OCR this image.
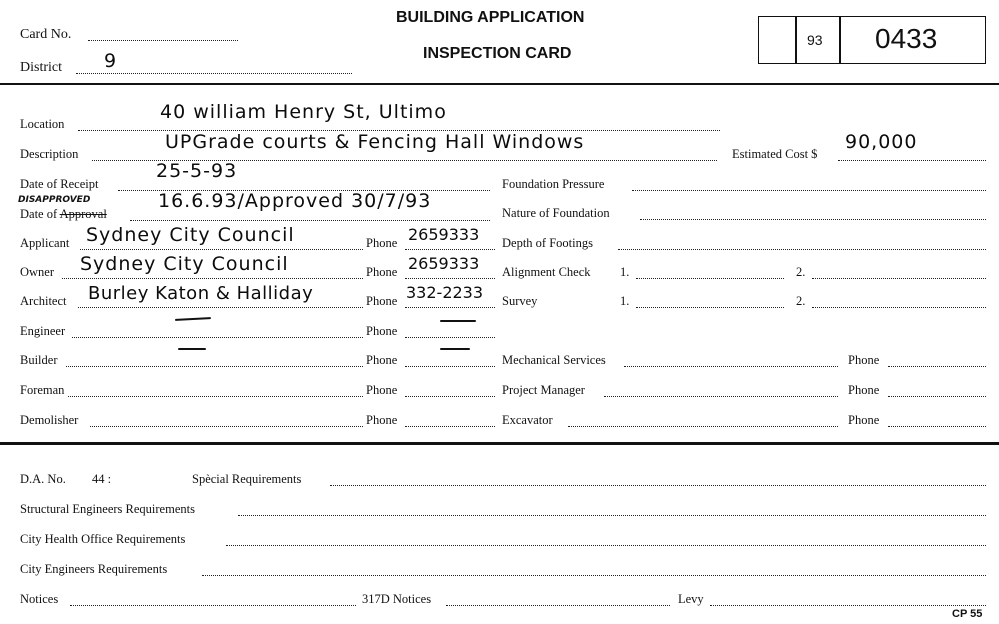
Card No.
District 9
BUILDING APPLICATION
INSPECTION CARD
93 0433
Location
40 william Henry St, Ultimo
Description
UPGrade courts & Fencing Hall Windows
Estimated Cost $
90,000
Date of Receipt
25-5-93
DISAPPROVED
Date of Approval
16.6.93/Approved 30/7/93
Applicant Sydney City Council	Phone 2659333
Owner Sydney City Council	Phone 2659333
Architect Burley Katon & Halliday	Phone 332-2233
Engineer	Phone
Builder	Phone
Foreman	Phone
Demolisher	Phone
Foundation Pressure
Nature of Foundation
Depth of Footings
Alignment Check 1.	2.
Survey	1.	2.
Mechanical Services	Phone
Project Manager	Phone
Excavator	Phone
D.A. No. 44 :	Spècial Requirements
Structural Engineers Requirements
City Health Office Requirements
City Engineers Requirements
Notices	317D Notices	Levy
CP 55
